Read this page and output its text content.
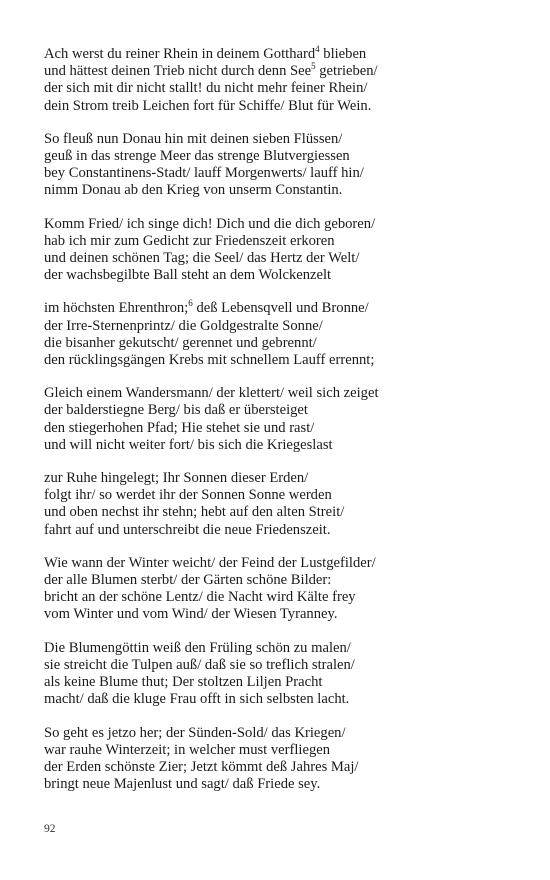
Ach werst du reiner Rhein in deinem Gotthard$^4$ blieben
und hättest deinen Trieb nicht durch denn See$^5$ getrieben/
der sich mit dir nicht stallt! du nicht mehr feiner Rhein/
dein Strom treib Leichen fort für Schiffe/ Blut für Wein.
So fleuß nun Donau hin mit deinen sieben Flüssen/
geuß in das strenge Meer das strenge Blutvergiessen
bey Constantinens-Stadt/ lauff Morgenwerts/ lauff hin/
nimm Donau ab den Krieg von unserm Constantin.
Komm Fried/ ich singe dich! Dich und die dich geboren/
hab ich mir zum Gedicht zur Friedenszeit erkoren
und deinen schönen Tag; die Seel/ das Hertz der Welt/
der wachsbegilbte Ball steht an dem Wolckenzelt
im höchsten Ehrenthron;$^6$ deß Lebensqvell und Bronne/
der Irre-Sternenprintz/ die Goldgestralte Sonne/
die bisanher gekutscht/ gerennet und gebrennt/
den rücklingsgängen Krebs mit schnellem Lauff errennt;
Gleich einem Wandersmann/ der klettert/ weil sich zeiget
der balderstiegne Berg/ bis daß er übersteiget
den stiegerhohen Pfad; Hie stehet sie und rast/
und will nicht weiter fort/ bis sich die Kriegeslast
zur Ruhe hingelegt; Ihr Sonnen dieser Erden/
folgt ihr/ so werdet ihr der Sonnen Sonne werden
und oben nechst ihr stehn; hebt auf den alten Streit/
fahrt auf und unterschreibt die neue Friedenszeit.
Wie wann der Winter weicht/ der Feind der Lustgefilder/
der alle Blumen sterbt/ der Gärten schöne Bilder:
bricht an der schöne Lentz/ die Nacht wird Kälte frey
vom Winter und vom Wind/ der Wiesen Tyranney.
Die Blumengöttin weiß den Früling schön zu malen/
sie streicht die Tulpen auß/ daß sie so treflich stralen/
als keine Blume thut; Der stoltzen Liljen Pracht
macht/ daß die kluge Frau offt in sich selbsten lacht.
So geht es jetzo her; der Sünden-Sold/ das Kriegen/
war rauhe Winterzeit; in welcher must verfliegen
der Erden schönste Zier; Jetzt kömmt deß Jahres Maj/
bringt neue Majenlust und sagt/ daß Friede sey.
92
